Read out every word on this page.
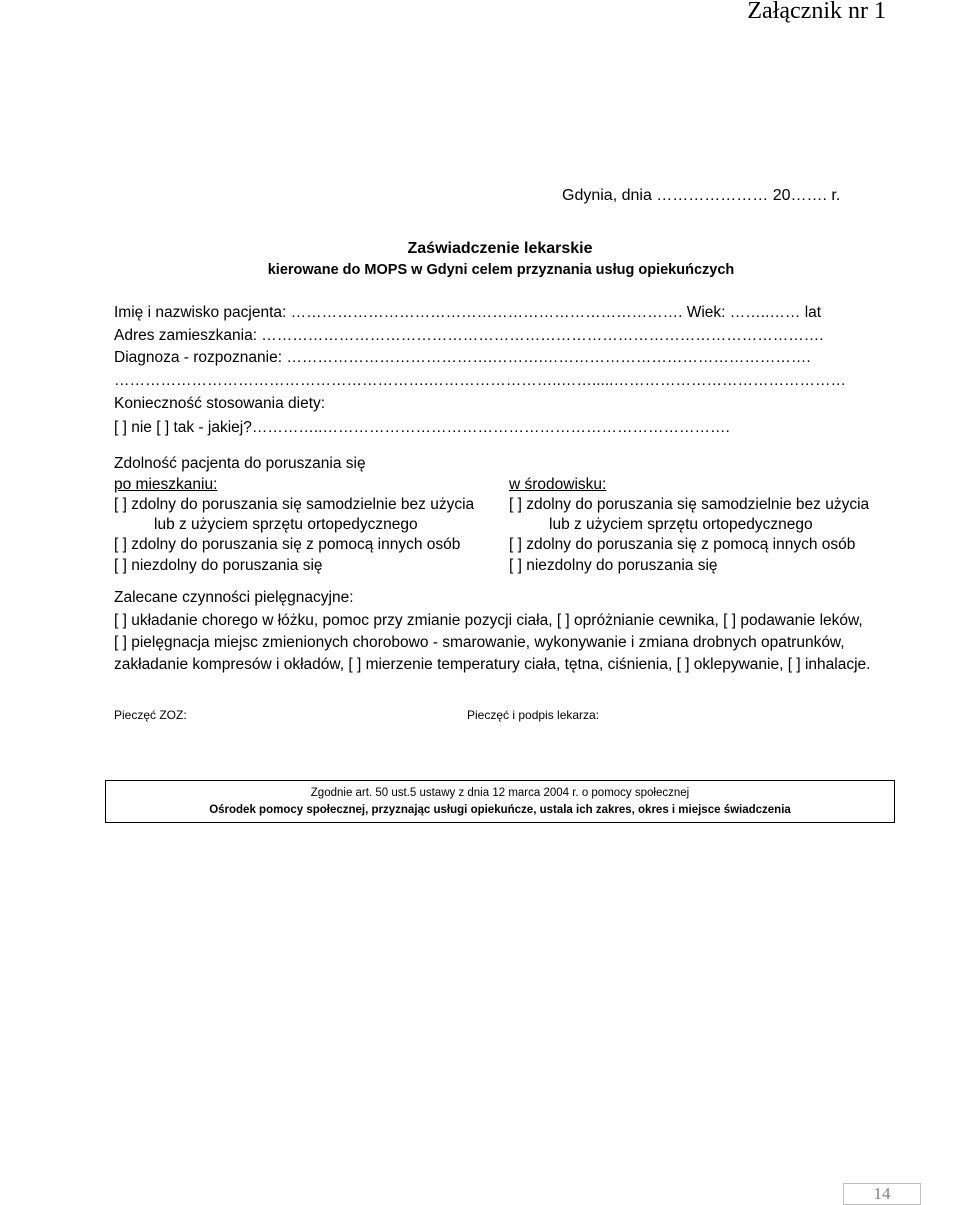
Załącznik nr 1
Gdynia, dnia ………………… 20……. r.
Zaświadczenie lekarskie
kierowane do MOPS w Gdyni celem przyznania usług opiekuńczych
Imię i nazwisko pacjenta: …………………………………………………………………. Wiek: ……..…… lat
Adres zamieszkania: ……………………………………………………………………………………………….
Diagnoza - rozpoznanie: ………………………………….……….…………………………………………….
…………………………………………………….……………………..…….....………………………………………
Konieczność stosowania diety:
[ ] nie [ ] tak - jakiej?…………..…………………………………………………………………….
Zdolność pacjenta do poruszania się
po mieszkaniu:
[ ] zdolny do poruszania się samodzielnie bez użycia
lub z użyciem sprzętu ortopedycznego
[ ] zdolny do poruszania się z pomocą innych osób
[ ] niezdolny do poruszania się
w środowisku:
[ ] zdolny do poruszania się samodzielnie bez użycia
lub z użyciem sprzętu ortopedycznego
[ ] zdolny do poruszania się z pomocą innych osób
[ ] niezdolny do poruszania się
Zalecane czynności pielęgnacyjne:
[ ] układanie chorego w łóżku, pomoc przy zmianie pozycji ciała, [ ] opróżnianie cewnika, [ ] podawanie leków,
[ ] pielęgnacja miejsc zmienionych chorobowo - smarowanie, wykonywanie i zmiana drobnych opatrunków,
zakładanie kompresów i okładów, [ ] mierzenie temperatury ciała, tętna, ciśnienia, [ ] oklepywanie, [ ] inhalacje.
Pieczęć ZOZ:	Pieczęć i podpis lekarza:
Zgodnie art. 50 ust.5 ustawy z dnia 12 marca 2004 r. o pomocy społecznej
Ośrodek pomocy społecznej, przyznając usługi opiekuńcze, ustala ich zakres, okres i miejsce świadczenia
14
